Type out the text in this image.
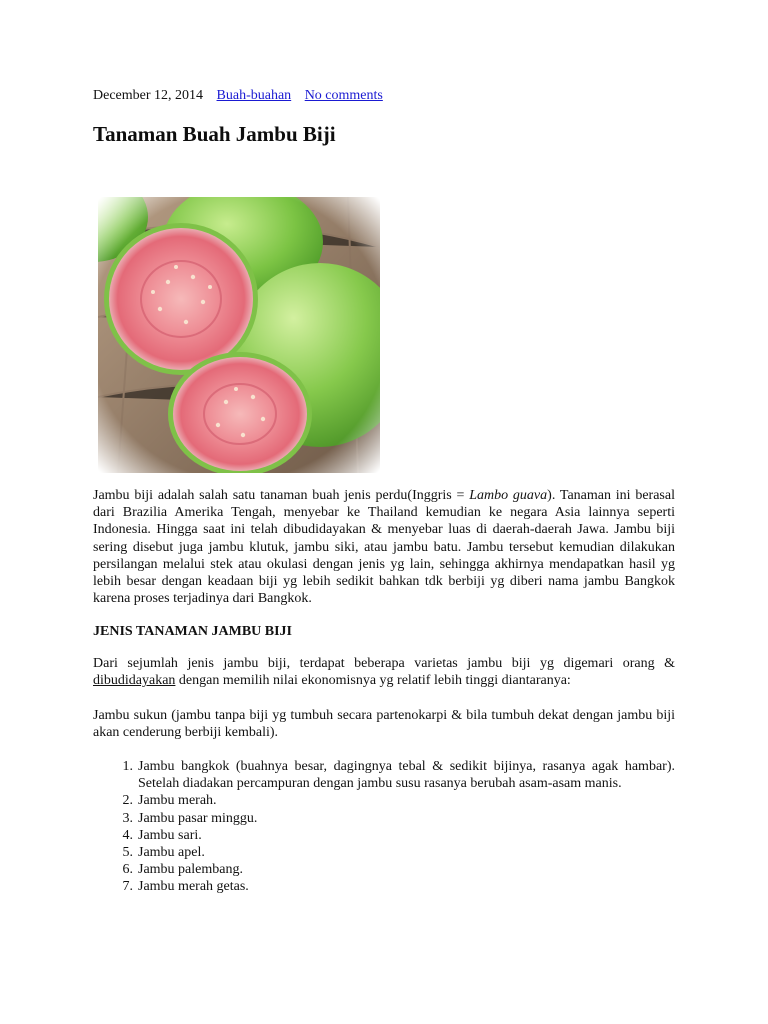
December 12, 2014 Buah-buahan No comments
Tanaman Buah Jambu Biji

Jambu biji adalah salah satu tanaman buah jenis perdu(Inggris = Lambo guava). Tanaman ini berasal dari Brazilia Amerika Tengah, menyebar ke Thailand kemudian ke negara Asia lainnya seperti Indonesia. Hingga saat ini telah dibudidayakan & menyebar luas di daerah-daerah Jawa. Jambu biji sering disebut juga jambu klutuk, jambu siki, atau jambu batu. Jambu tersebut kemudian dilakukan persilangan melalui stek atau okulasi dengan jenis yg lain, sehingga akhirnya mendapatkan hasil yg lebih besar dengan keadaan biji yg lebih sedikit bahkan tdk berbiji yg diberi nama jambu Bangkok karena proses terjadinya dari Bangkok.

JENIS TANAMAN JAMBU BIJI

Dari sejumlah jenis jambu biji, terdapat beberapa varietas jambu biji yg digemari orang & dibudidayakan dengan memilih nilai ekonomisnya yg relatif lebih tinggi diantaranya:

Jambu sukun (jambu tanpa biji yg tumbuh secara partenokarpi & bila tumbuh dekat dengan jambu biji akan cenderung berbiji kembali).

1. Jambu bangkok (buahnya besar, dagingnya tebal & sedikit bijinya, rasanya agak hambar). Setelah diadakan percampuran dengan jambu susu rasanya berubah asam-asam manis.
2. Jambu merah.
3. Jambu pasar minggu.
4. Jambu sari.
5. Jambu apel.
6. Jambu palembang.
7. Jambu merah getas.
